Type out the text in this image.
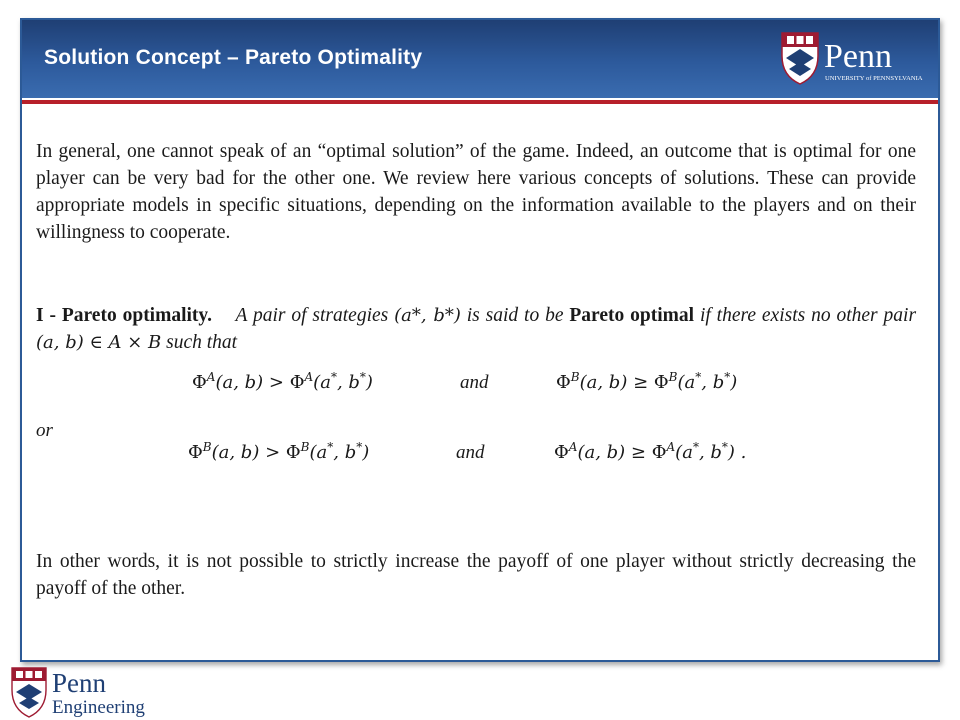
Solution Concept – Pareto Optimality	Penn
UNIVERSITY of PENNSYLVANIA

In general, one cannot speak of an “optimal solution” of the game. Indeed, an outcome that is optimal for one player can be very bad for the other one. We review here various concepts of solutions. These can provide appropriate models in specific situations, depending on the information available to the players and on their willingness to cooperate.

I - Pareto optimality. A pair of strategies (a*, b*) is said to be Pareto optimal if there exists no other pair (a, b) ∈ A × B such that

$\Phi^A(a$, $b) > \Phi^A(a^*$, b*)	and	$\Phi^B(a$, $b) \ge \Phi^B(a^*$, b*)
or
$\Phi^B(a$, $b) > \Phi^B(a^*$, b*)	and	$\Phi^A(a$, $b) \ge \Phi^A(a^*$, b*) .

In other words, it is not possible to strictly increase the payoff of one player without strictly decreasing the payoff of the other.

Penn
Engineering
